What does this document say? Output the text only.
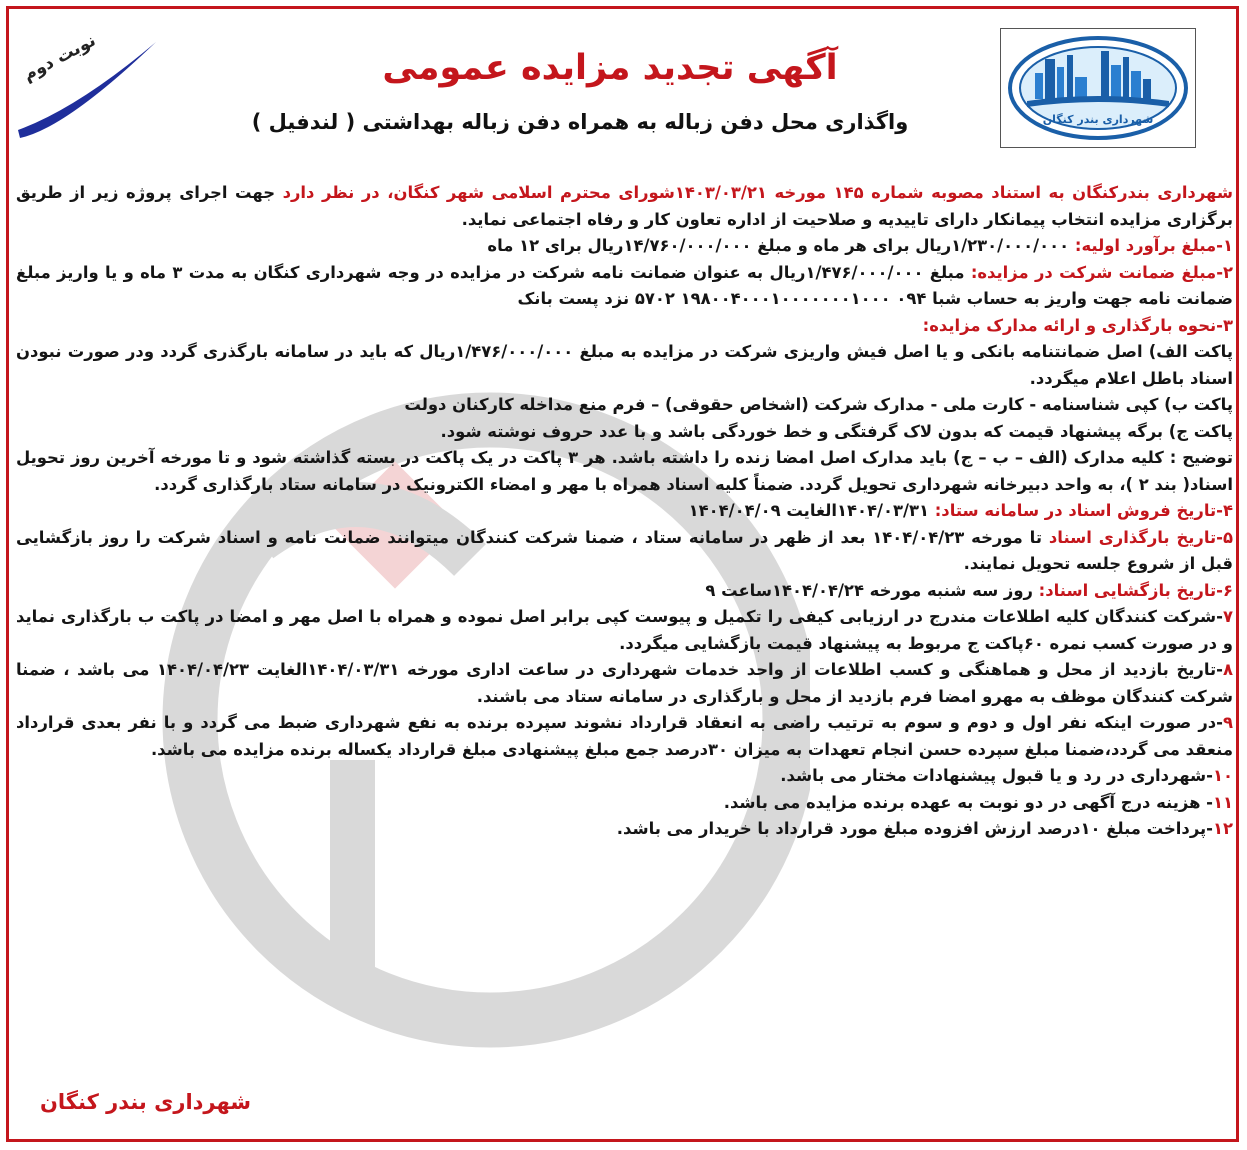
شهرداری بندر کنگان
نوبت دوم	آگهی تجدید مزایده عمومی
واگذاری محل دفن زباله به همراه دفن زباله بهداشتی ( لندفیل )

شهرداری بندرکنگان به استناد مصوبه شماره ۱۴۵ مورخه ۱۴۰۳/۰۳/۲۱شورای محترم اسلامی شهر کنگان، در نظر دارد جهت اجرای پروژه زیر از طریق برگزاری مزایده انتخاب پیمانکار دارای تاییدیه و صلاحیت از اداره تعاون کار و رفاه اجتماعی نماید.

۱-مبلغ برآورد اولیه: ۱/۲۳۰/۰۰۰/۰۰۰ریال برای هر ماه و مبلغ ۱۴/۷۶۰/۰۰۰/۰۰۰ریال برای ۱۲ ماه

۲-مبلغ ضمانت شرکت در مزایده: مبلغ ۱/۴۷۶/۰۰۰/۰۰۰ریال به عنوان ضمانت نامه شرکت در مزایده در وجه شهرداری کنگان به مدت ۳ ماه و یا واریز مبلغ ضمانت نامه جهت واریز به حساب شبا ۰۹۴ ۱۹۸۰۰۴۰۰۰۱۰۰۰۰۰۰۰۱۰۰۰ ۵۷۰۲ نزد پست بانک

۳-نحوه بارگذاری و ارائه مدارک مزایده:

پاکت الف) اصل ضمانتنامه بانکی و یا اصل فیش واریزی شرکت در مزایده به مبلغ ۱/۴۷۶/۰۰۰/۰۰۰ریال که باید در سامانه بارگذری گردد ودر صورت نبودن اسناد باطل اعلام میگردد.

پاکت ب) کپی شناسنامه - کارت ملی - مدارک شرکت (اشخاص حقوقی) – فرم منع مداخله کارکنان دولت

پاکت ج) برگه پیشنهاد قیمت که بدون لاک گرفتگی و خط خوردگی باشد و با عدد حروف نوشته شود.

توضیح : کلیه مدارک (الف – ب – ج) باید مدارک اصل امضا زنده را داشته باشد. هر ۳ پاکت در یک پاکت در بسته گذاشته شود و تا مورخه آخرین روز تحویل اسناد( بند ۲ )، به واحد دبیرخانه شهرداری تحویل گردد. ضمناً کلیه اسناد همراه با مهر و امضاء الکترونیک در سامانه ستاد بارگذاری گردد.

۴-تاریخ فروش اسناد در سامانه ستاد: ۱۴۰۴/۰۳/۳۱الغایت ۱۴۰۴/۰۴/۰۹

۵-تاریخ بارگذاری اسناد تا مورخه ۱۴۰۴/۰۴/۲۳ بعد از ظهر در سامانه ستاد ، ضمنا شرکت کنندگان میتوانند ضمانت نامه و اسناد شرکت را روز بازگشایی قبل از شروع جلسه تحویل نمایند.

۶-تاریخ بازگشایی اسناد: روز سه شنبه مورخه ۱۴۰۴/۰۴/۲۴ساعت ۹

۷-شرکت کنندگان کلیه اطلاعات مندرج در ارزیابی کیفی را تکمیل و پیوست کپی برابر اصل نموده و همراه با اصل مهر و امضا در پاکت ب بارگذاری نماید و در صورت کسب نمره ۶۰پاکت ج مربوط به پیشنهاد قیمت بازگشایی میگردد.

۸-تاریخ بازدید از محل و هماهنگی و کسب اطلاعات از واحد خدمات شهرداری در ساعت اداری مورخه ۱۴۰۴/۰۳/۳۱الغایت ۱۴۰۴/۰۴/۲۳ می باشد ، ضمنا شرکت کنندگان موظف به مهرو امضا فرم بازدید از محل و بارگذاری در سامانه ستاد می باشند.

۹-در صورت اینکه نفر اول و دوم و سوم به ترتیب راضی به انعقاد قرارداد نشوند سپرده برنده به نفع شهرداری ضبط می گردد و با نفر بعدی قرارداد منعقد می گردد،ضمنا مبلغ سپرده حسن انجام تعهدات به میزان ۳۰درصد جمع مبلغ پیشنهادی مبلغ قرارداد یکساله برنده مزایده می باشد.

۱۰-شهرداری در رد و یا قبول پیشنهادات مختار می باشد.

۱۱- هزینه درج آگهی در دو نوبت به عهده برنده مزایده می باشد.

۱۲-پرداخت مبلغ ۱۰درصد ارزش افزوده مبلغ مورد قرارداد با خریدار می باشد.

شهرداری بندر کنگان
